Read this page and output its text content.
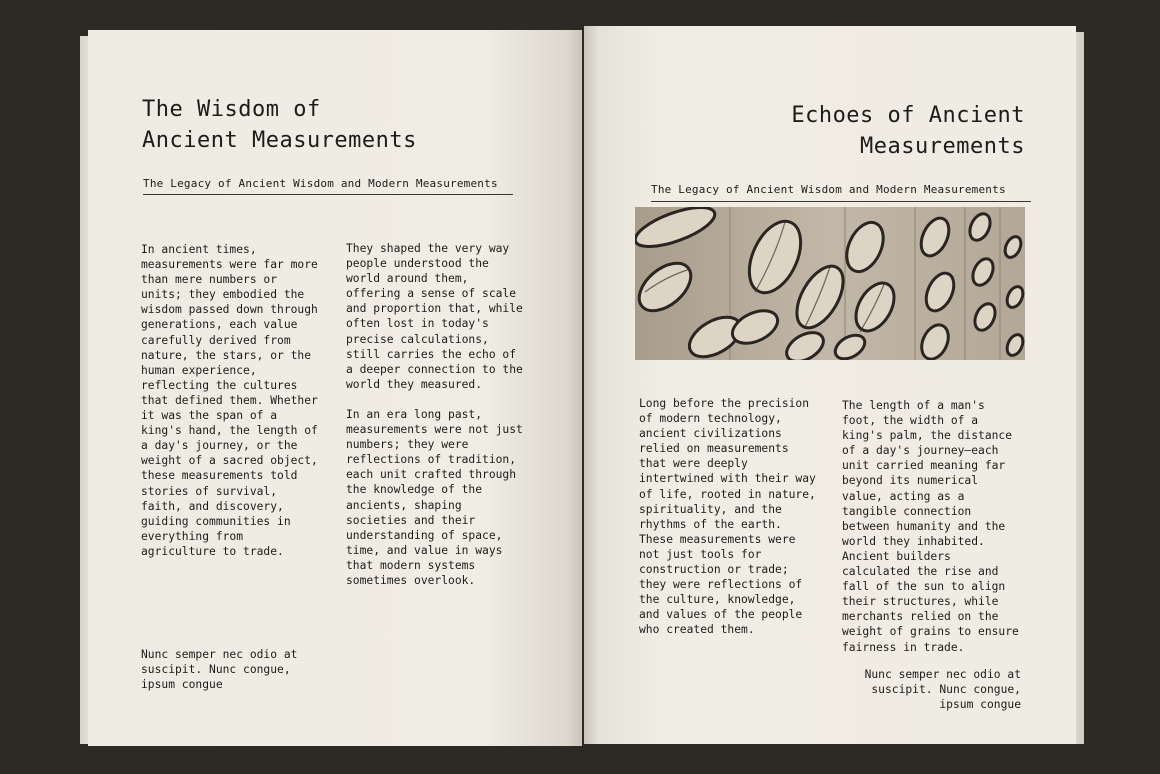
The Wisdom of
Ancient Measurements
The Legacy of Ancient Wisdom and Modern Measurements
In ancient times,
measurements were far more
than mere numbers or
units; they embodied the
wisdom passed down through
generations, each value
carefully derived from
nature, the stars, or the
human experience,
reflecting the cultures
that defined them. Whether
it was the span of a
king's hand, the length of
a day's journey, or the
weight of a sacred object,
these measurements told
stories of survival,
faith, and discovery,
guiding communities in
everything from
agriculture to trade.
They shaped the very way
people understood the
world around them,
offering a sense of scale
and proportion that, while
often lost in today's
precise calculations,
still carries the echo of
a deeper connection to the
world they measured.
In an era long past,
measurements were not just
numbers; they were
reflections of tradition,
each unit crafted through
the knowledge of the
ancients, shaping
societies and their
understanding of space,
time, and value in ways
that modern systems
sometimes overlook.
Nunc semper nec odio at
suscipit. Nunc congue,
ipsum congue
Echoes of Ancient
Measurements
The Legacy of Ancient Wisdom and Modern Measurements
Long before the precision
of modern technology,
ancient civilizations
relied on measurements
that were deeply
intertwined with their way
of life, rooted in nature,
spirituality, and the
rhythms of the earth.
These measurements were
not just tools for
construction or trade;
they were reflections of
the culture, knowledge,
and values of the people
who created them.
The length of a man's
foot, the width of a
king's palm, the distance
of a day's journey—each
unit carried meaning far
beyond its numerical
value, acting as a
tangible connection
between humanity and the
world they inhabited.
Ancient builders
calculated the rise and
fall of the sun to align
their structures, while
merchants relied on the
weight of grains to ensure
fairness in trade.
Nunc semper nec odio at
suscipit. Nunc congue,
ipsum congue
